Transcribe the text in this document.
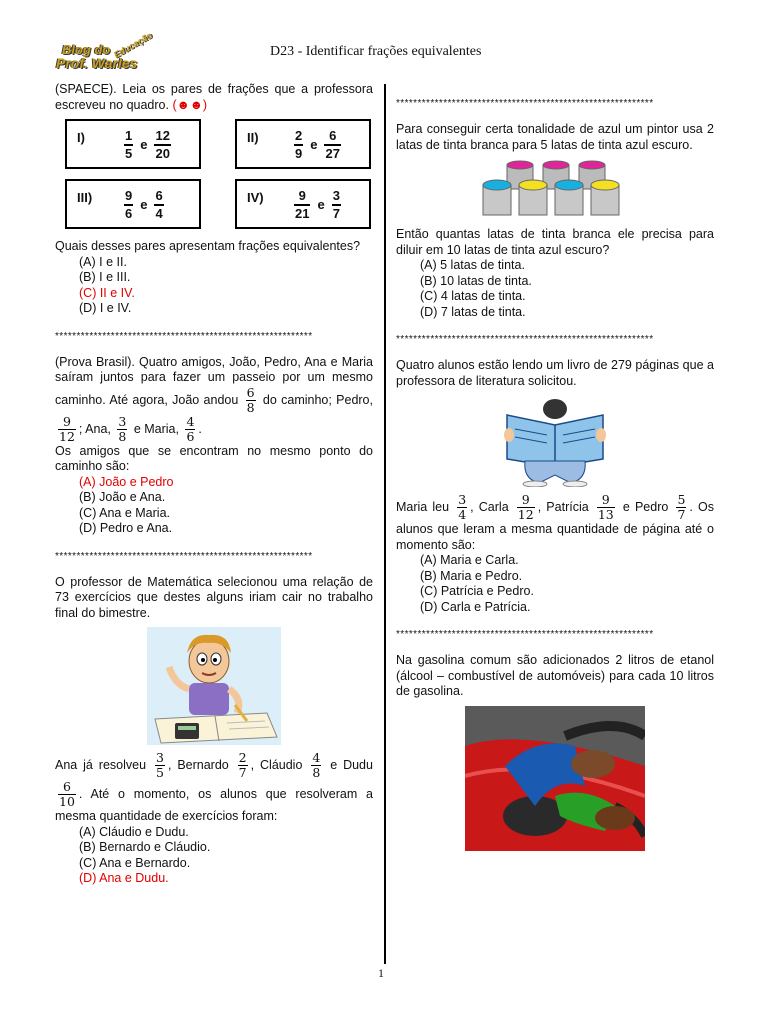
Blog do
Prof. Warles
Educação	D23 - Identificar frações equivalentes

(SPAECE). Leia os pares de frações que a professora escreveu no quadro. (☻☻)

I)	$\frac{1}{5}$ e $\frac{12}{20}$	II)	$\frac{2}{9}$ e $\frac{6}{27}$
$III) \frac{9}{6}$ e $\frac{6}{4}$	$IV) \frac{9}{21}$ e $\frac{3}{7}$

Quais desses pares apresentam frações equivalentes?

(A) I e II.
(B) I e III.
(C) II e IV.
(D) I e IV.
************************************************************

(Prova Brasil). Quatro amigos, João, Pedro, Ana e Maria saíram juntos para fazer um passeio por um mesmo caminho. Até agora, João andou $\frac{6}{8}$ do caminho; Pedro,
$\frac{9}{12}$ ; Ana, $\frac{3}{8}$ e Maria, $\frac{4}{6}$ .

Os amigos que se encontram no mesmo ponto do caminho são:

(A) João e Pedro
(B) João e Ana.
(C) Ana e Maria.
(D) Pedro e Ana.
************************************************************

O professor de Matemática selecionou uma relação de 73 exercícios que destes alguns iriam cair no trabalho final do bimestre.

Ana já resolveu $\frac{3}{5}$ , Bernardo $\frac{2}{7}$ , Cláudio $\frac{4}{8}$ e Dudu
$\frac{6}{10}$ . Até o momento, os alunos que resolveram a mesma quantidade de exercícios foram:

(A) Cláudio e Dudu.
(B) Bernardo e Cláudio.
(C) Ana e Bernardo.
(D) Ana e Dudu.
************************************************************

Para conseguir certa tonalidade de azul um pintor usa 2 latas de tinta branca para 5 latas de tinta azul escuro.

Então quantas latas de tinta branca ele precisa para diluir em 10 latas de tinta azul escuro?

(A) 5 latas de tinta.
(B) 10 latas de tinta.
(C) 4 latas de tinta.
(D) 7 latas de tinta.
************************************************************

Quatro alunos estão lendo um livro de 279 páginas que a professora de literatura solicitou.

Maria leu $\frac{3}{4}$ , Carla $\frac{9}{12}$ , Patrícia $\frac{9}{13}$ e Pedro $\frac{5}{7}$ . Os alunos que leram a mesma quantidade de página até o momento são:

(A) Maria e Carla.
(B) Maria e Pedro.
(C) Patrícia e Pedro.
(D) Carla e Patrícia.
************************************************************

Na gasolina comum são adicionados 2 litros de etanol (álcool – combustível de automóveis) para cada 10 litros de gasolina.

1
